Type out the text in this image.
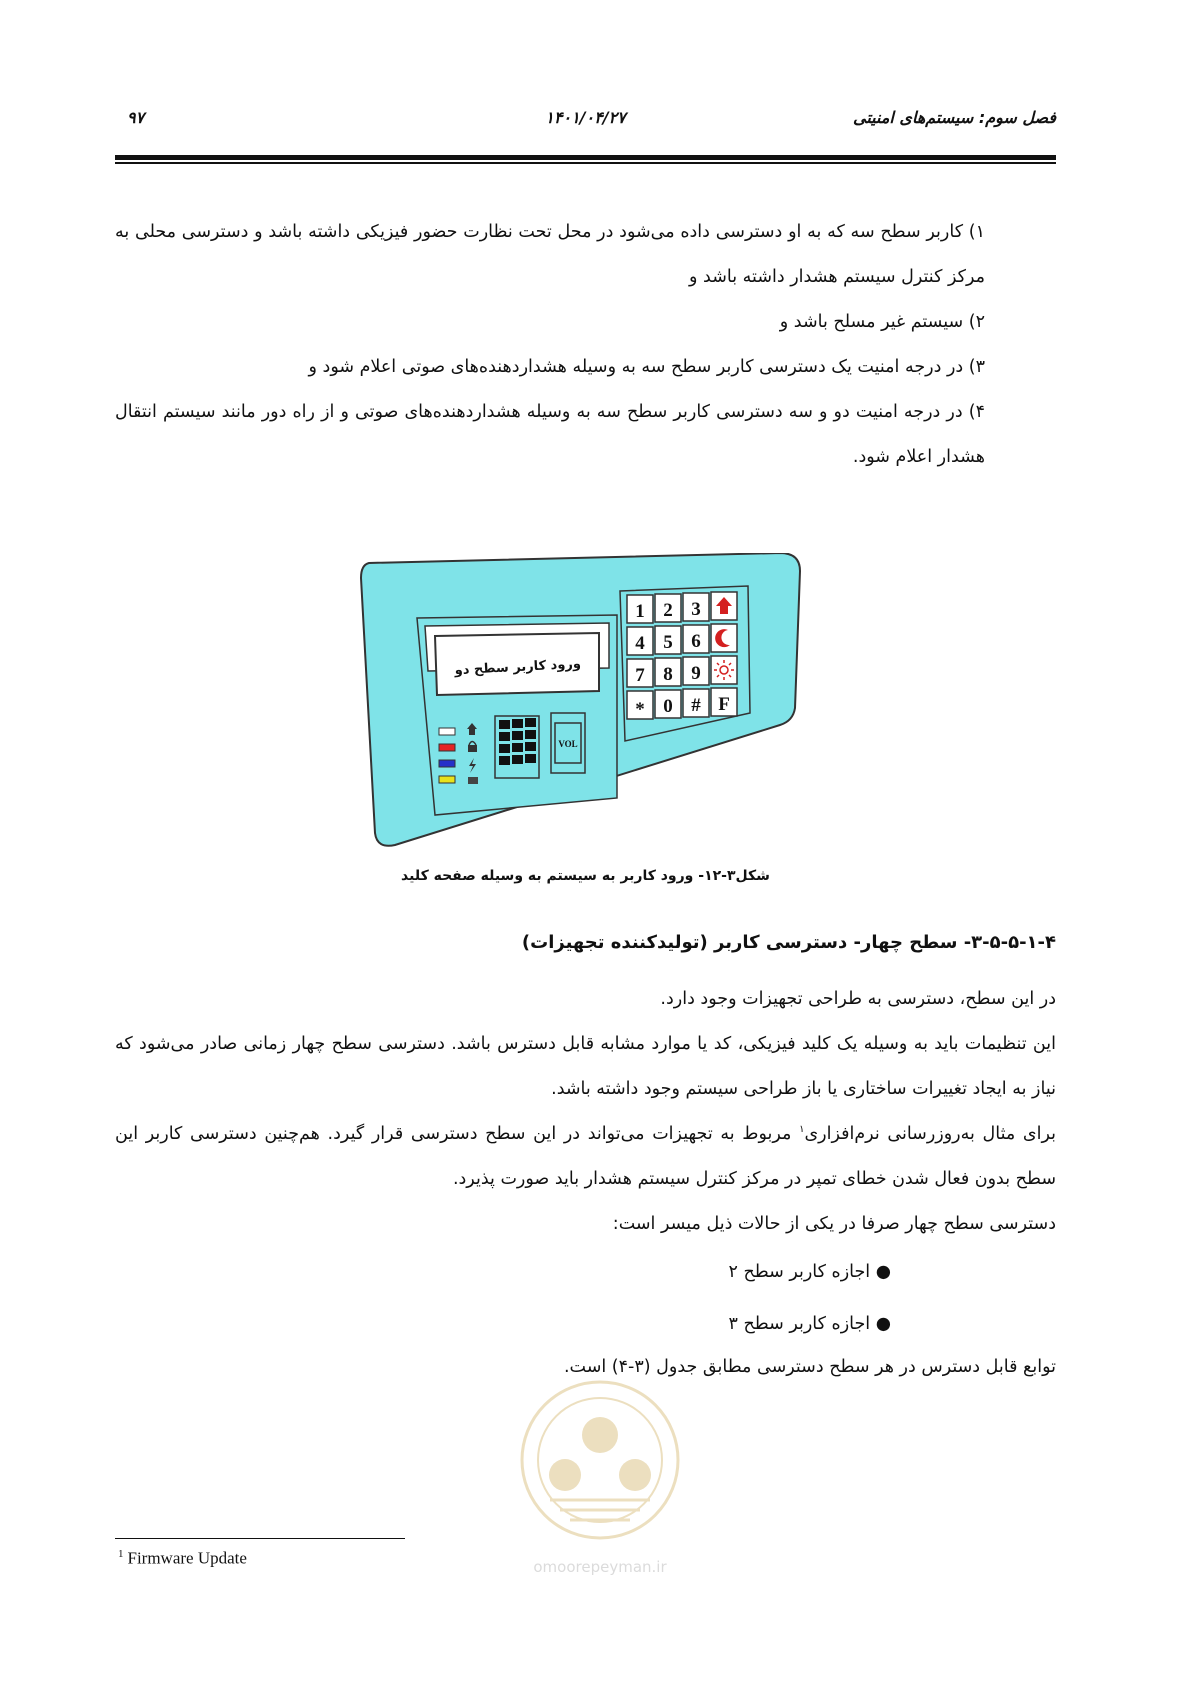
فصل سوم: سیستم‌های امنیتی
۱۴۰۱/۰۴/۲۷
۹۷
۱) کاربر سطح سه که به او دسترسی داده می‌شود در محل تحت نظارت حضور فیزیکی داشته باشد و دسترسی محلی به مرکز کنترل سیستم هشدار داشته باشد و
۲) سیستم غیر مسلح باشد و
۳) در درجه امنیت یک دسترسی کاربر سطح سه به وسیله هشداردهنده‌های صوتی اعلام شود و
۴) در درجه امنیت دو و سه دسترسی کاربر سطح سه به وسیله هشداردهنده‌های صوتی و از راه دور مانند سیستم انتقال هشدار اعلام شود.
ورود کاربر سطح دو
VOL
1 2 3
4 5 6
7 8 9
* 0 # F
شکل۳-۱۲- ورود کاربر به سیستم به وسیله صفحه کلید
۳-۵-۵-۱-۴- سطح چهار- دسترسی کاربر (تولیدکننده تجهیزات)
در این سطح، دسترسی به طراحی تجهیزات وجود دارد.
این تنظیمات باید به وسیله یک کلید فیزیکی، کد یا موارد مشابه قابل دسترس باشد. دسترسی سطح چهار زمانی صادر می‌شود که نیاز به ایجاد تغییرات ساختاری یا باز طراحی سیستم وجود داشته باشد.
برای مثال به‌روزرسانی نرم‌افزاری$^۱$ مربوط به تجهیزات می‌تواند در این سطح دسترسی قرار گیرد. هم‌چنین دسترسی کاربر این سطح بدون فعال شدن خطای تمپر در مرکز کنترل سیستم هشدار باید صورت پذیرد.
دسترسی سطح چهار صرفا در یکی از حالات ذیل میسر است:
● اجازه کاربر سطح ۲
● اجازه کاربر سطح ۳
توابع قابل دسترس در هر سطح دسترسی مطابق جدول (۳-۴) است.
omoorepeyman.ir
$^1$ Firmware Update
